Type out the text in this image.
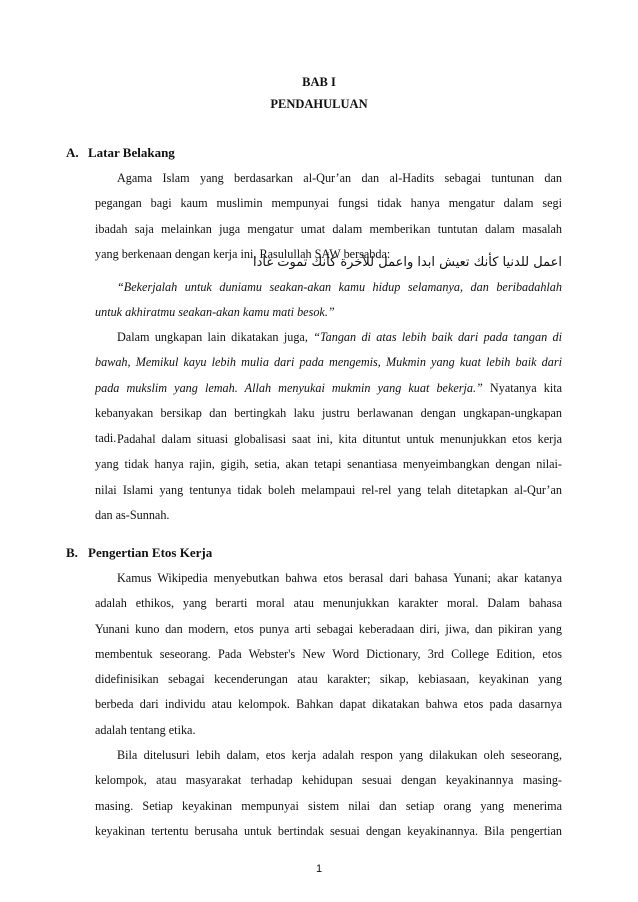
BAB I
PENDAHULUAN
A. Latar Belakang
Agama Islam yang berdasarkan al-Qur’an dan al-Hadits sebagai tuntunan dan
pegangan bagi kaum muslimin mempunyai fungsi tidak hanya mengatur dalam segi
ibadah saja melainkan juga mengatur umat dalam memberikan tuntutan dalam masalah
yang berkenaan dengan kerja ini, Rasulullah SAW bersabda:
اعمل للدنيا كأنك تعيش ابدا واعمل للأخرة كأنك تموت غادا
“Bekerjalah untuk duniamu seakan-akan kamu hidup selamanya, dan beribadahlah
untuk akhiratmu seakan-akan kamu mati besok.”
Dalam ungkapan lain dikatakan juga, “Tangan di atas lebih baik dari pada tangan di
bawah, Memikul kayu lebih mulia dari pada mengemis, Mukmin yang kuat lebih baik dari
pada mukslim yang lemah. Allah menyukai mukmin yang kuat bekerja.” Nyatanya kita
kebanyakan bersikap dan bertingkah laku justru berlawanan dengan ungkapan-ungkapan
tadi. Padahal dalam situasi globalisasi saat ini, kita dituntut untuk menunjukkan etos kerja
yang tidak hanya rajin, gigih, setia, akan tetapi senantiasa menyeimbangkan dengan nilai-
nilai Islami yang tentunya tidak boleh melampaui rel-rel yang telah ditetapkan al-Qur’an
dan as-Sunnah.
B. Pengertian Etos Kerja
Kamus Wikipedia menyebutkan bahwa etos berasal dari bahasa Yunani; akar katanya
adalah ethikos, yang berarti moral atau menunjukkan karakter moral. Dalam bahasa
Yunani kuno dan modern, etos punya arti sebagai keberadaan diri, jiwa, dan pikiran yang
membentuk seseorang. Pada Webster's New Word Dictionary, 3rd College Edition, etos
didefinisikan sebagai kecenderungan atau karakter; sikap, kebiasaan, keyakinan yang
berbeda dari individu atau kelompok. Bahkan dapat dikatakan bahwa etos pada dasarnya
adalah tentang etika.
Bila ditelusuri lebih dalam, etos kerja adalah respon yang dilakukan oleh seseorang,
kelompok, atau masyarakat terhadap kehidupan sesuai dengan keyakinannya masing-
masing. Setiap keyakinan mempunyai sistem nilai dan setiap orang yang menerima
keyakinan tertentu berusaha untuk bertindak sesuai dengan keyakinannya. Bila pengertian
1
